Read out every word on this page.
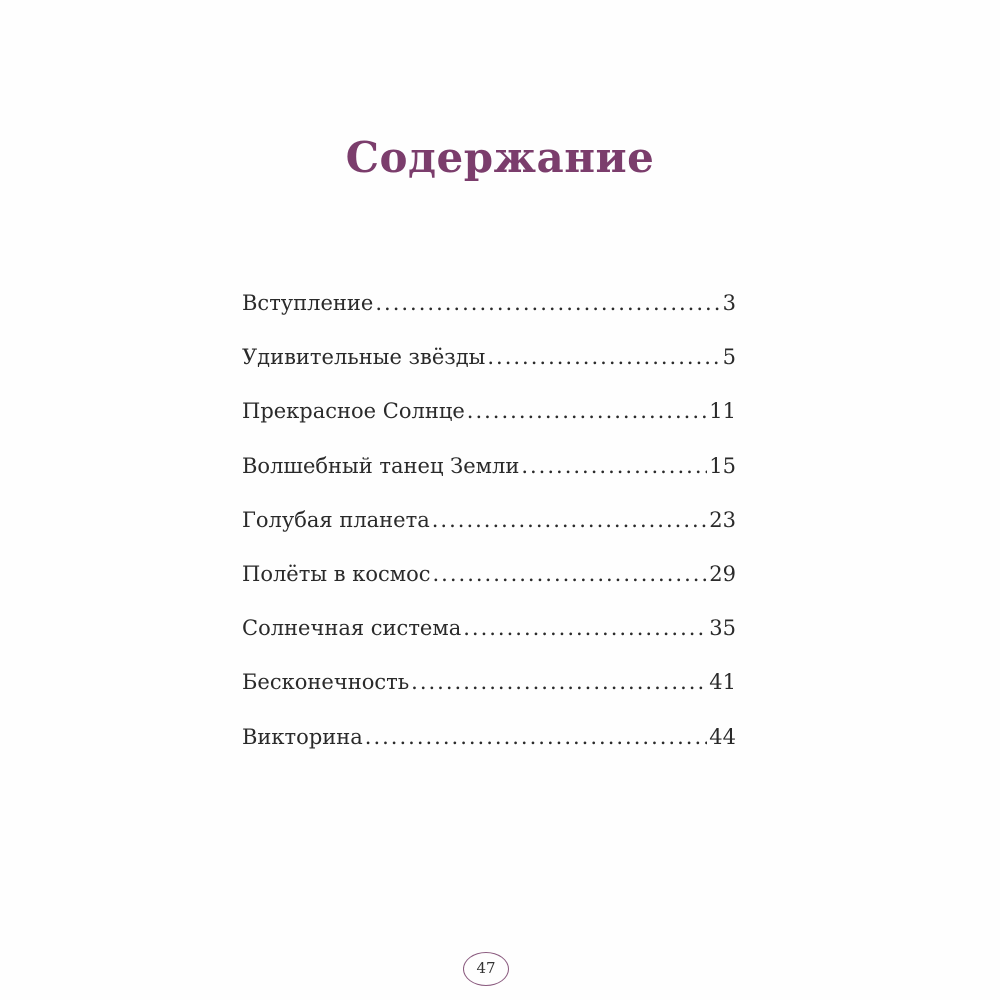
Содержание
Вступление .....	3
Удивительные звёзды .....	5
Прекрасное Солнце .....	11
Волшебный танец Земли .....	15
Голубая планета .....	23
Полёты в космос .....	29
Солнечная система .....	35
Бесконечность .....	41
Викторина .....	44
47
